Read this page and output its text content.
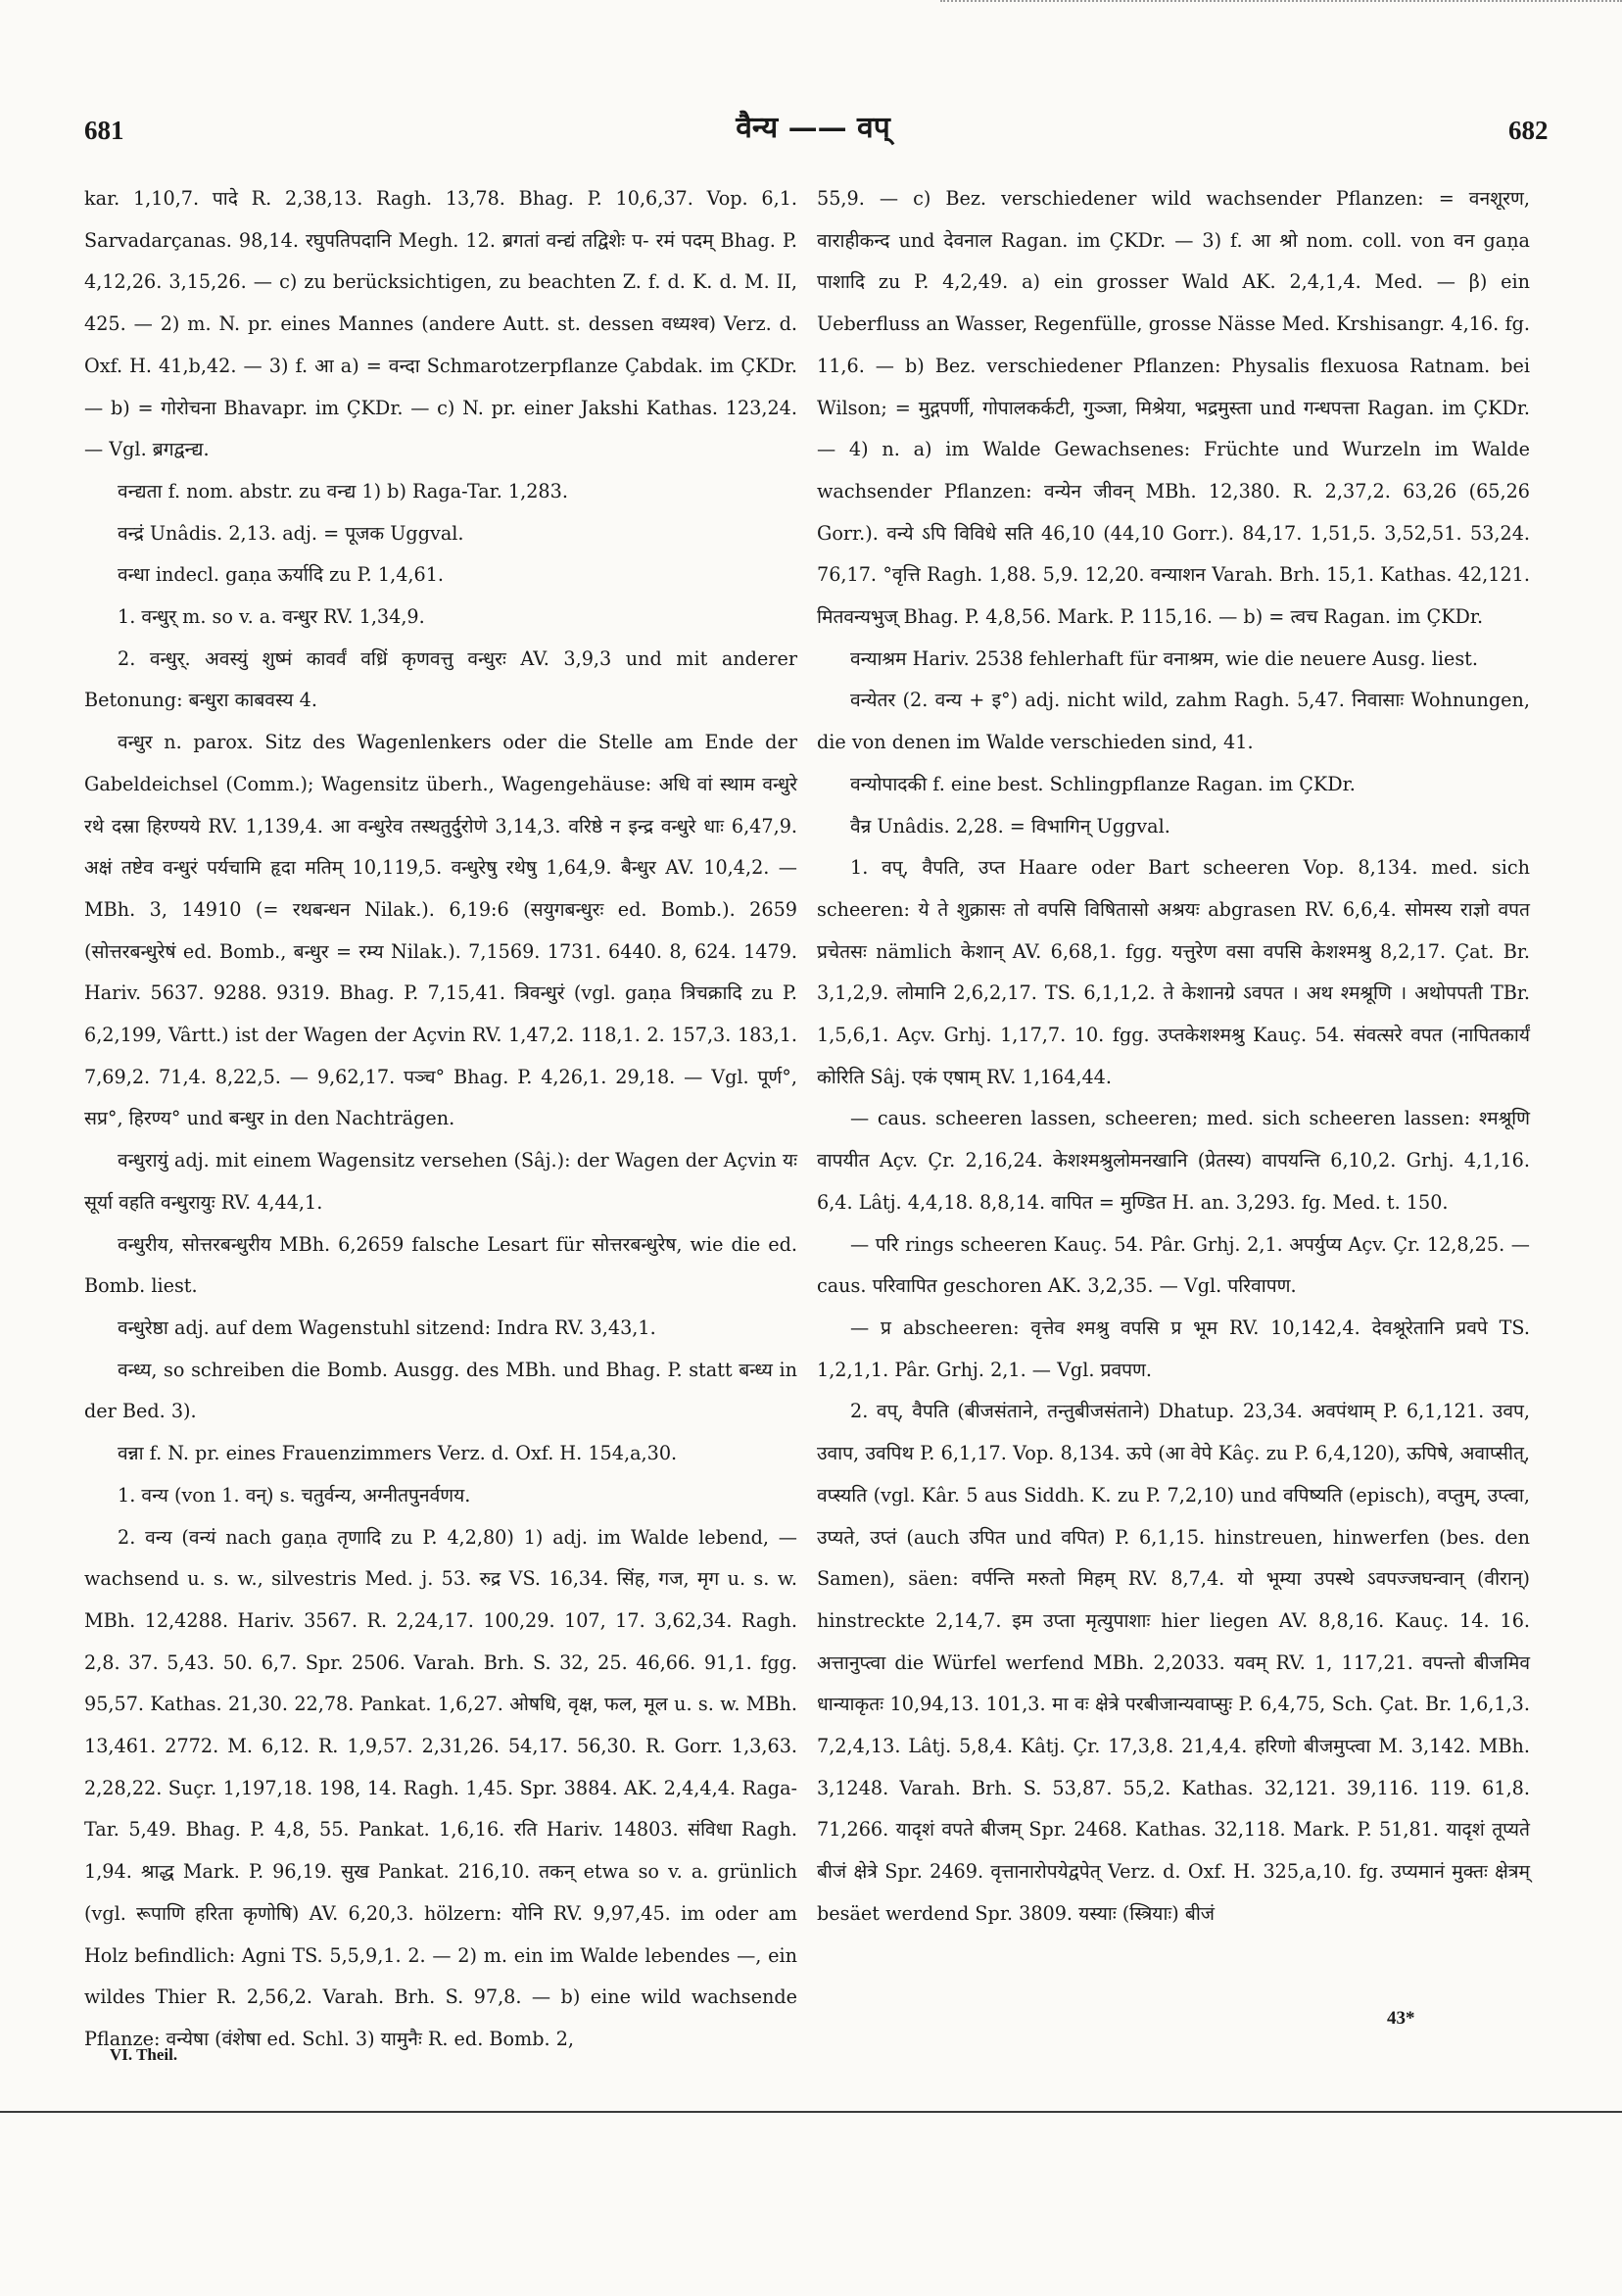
681	वैन्य —— वप्	682

kar. 1,10,7. पादे R. 2,38,13. Ragh. 13,78. Bhag. P. 10,6,37. Vop. 6,1. Sarvadarçanas. 98,14. रघुपतिपदानि Megh. 12. ब्रगतां वन्द्यं तद्विशेः प- रमं पदम् Bhag. P. 4,12,26. 3,15,26. — c) zu berücksichtigen, zu beachten Z. f. d. K. d. M. II, 425. — 2) m. N. pr. eines Mannes (andere Autt. st. dessen वध्यश्व) Verz. d. Oxf. H. 41,b,42. — 3) f. आ a) = वन्दा Schmarotzerpflanze Çabdak. im ÇKDr. — b) = गोरोचना Bhavapr. im ÇKDr. — c) N. pr. einer Jakshi Kathas. 123,24. — Vgl. ब्रगद्वन्द्य.

वन्द्यता f. nom. abstr. zu वन्द्य 1) b) Raga-Tar. 1,283.

वन्द्रं Unâdis. 2,13. adj. = पूजक Uggval.

वन्धा indecl. gaṇa ऊर्यादि zu P. 1,4,61.

1. वन्धुर् m. so v. a. वन्धुर RV. 1,34,9.

2. वन्धुर्. अवस्युं शुष्मं कावर्वं वध्रिं कृणवत्तु वन्धुरः AV. 3,9,3 und mit anderer Betonung: बन्धुरा काबवस्य 4.

वन्धुर n. parox. Sitz des Wagenlenkers oder die Stelle am Ende der Gabeldeichsel (Comm.); Wagensitz überh., Wagengehäuse: अधि वां स्थाम वन्धुरे रथे दस्रा हिरण्यये RV. 1,139,4. आ वन्धुरेव तस्थतुर्दुरोणे 3,14,3. वरिष्ठे न इन्द्र वन्धुरे धाः 6,47,9. अक्षं तष्टेव वन्धुरं पर्यचामि हृदा मतिम् 10,119,5. वन्धुरेषु रथेषु 1,64,9. बैन्धुर AV. 10,4,2. — MBh. 3, 14910 (= रथबन्धन Nilak.). 6,19:6 (सयुगबन्धुरः ed. Bomb.). 2659 (सोत्तरबन्धुरेषं ed. Bomb., बन्धुर = रम्य Nilak.). 7,1569. 1731. 6440. 8, 624. 1479. Hariv. 5637. 9288. 9319. Bhag. P. 7,15,41. त्रिवन्धुरं (vgl. gaṇa त्रिचक्रादि zu P. 6,2,199, Vârtt.) ist der Wagen der Açvin RV. 1,47,2. 118,1. 2. 157,3. 183,1. 7,69,2. 71,4. 8,22,5. — 9,62,17. पञ्च° Bhag. P. 4,26,1. 29,18. — Vgl. पूर्ण°, सप्र°, हिरण्य° und बन्धुर in den Nachträgen.

वन्धुरायुं adj. mit einem Wagensitz versehen (Sâj.): der Wagen der Açvin यः सूर्या वहति वन्धुरायुः RV. 4,44,1.

वन्धुरीय, सोत्तरबन्धुरीय MBh. 6,2659 falsche Lesart für सोत्तरबन्धुरेष, wie die ed. Bomb. liest.

वन्धुरेष्ठा adj. auf dem Wagenstuhl sitzend: Indra RV. 3,43,1.

वन्ध्य, so schreiben die Bomb. Ausgg. des MBh. und Bhag. P. statt बन्ध्य in der Bed. 3).

वन्ना f. N. pr. eines Frauenzimmers Verz. d. Oxf. H. 154,a,30.

1. वन्य (von 1. वन्) s. चतुर्वन्य, अग्नीतपुनर्वणय.

2. वन्य (वन्यं nach gaṇa तृणादि zu P. 4,2,80) 1) adj. im Walde lebend, — wachsend u. s. w., silvestris Med. j. 53. रुद्र VS. 16,34. सिंह, गज, मृग u. s. w. MBh. 12,4288. Hariv. 3567. R. 2,24,17. 100,29. 107, 17. 3,62,34. Ragh. 2,8. 37. 5,43. 50. 6,7. Spr. 2506. Varah. Brh. S. 32, 25. 46,66. 91,1. fgg. 95,57. Kathas. 21,30. 22,78. Pankat. 1,6,27. ओषधि, वृक्ष, फल, मूल u. s. w. MBh. 13,461. 2772. M. 6,12. R. 1,9,57. 2,31,26. 54,17. 56,30. R. Gorr. 1,3,63. 2,28,22. Suçr. 1,197,18. 198, 14. Ragh. 1,45. Spr. 3884. AK. 2,4,4,4. Raga-Tar. 5,49. Bhag. P. 4,8, 55. Pankat. 1,6,16. रति Hariv. 14803. संविधा Ragh. 1,94. श्राद्ध Mark. P. 96,19. सुख Pankat. 216,10. तकन् etwa so v. a. grünlich (vgl. रूपाणि हरिता कृणोषि) AV. 6,20,3. hölzern: योनि RV. 9,97,45. im oder am Holz befindlich: Agni TS. 5,5,9,1. 2. — 2) m. ein im Walde lebendes —, ein wildes Thier R. 2,56,2. Varah. Brh. S. 97,8. — b) eine wild wachsende Pflanze: वन्येषा (वंशेषा ed. Schl. 3) यामुनैः R. ed. Bomb. 2,

55,9. — c) Bez. verschiedener wild wachsender Pflanzen: = वनशूरण, वाराहीकन्द und देवनाल Ragan. im ÇKDr. — 3) f. आ श्रो nom. coll. von वन gaṇa पाशादि zu P. 4,2,49. a) ein grosser Wald AK. 2,4,1,4. Med. — β) ein Ueberfluss an Wasser, Regenfülle, grosse Nässe Med. Krshisangr. 4,16. fg. 11,6. — b) Bez. verschiedener Pflanzen: Physalis flexuosa Ratnam. bei Wilson; = मुद्गपर्णी, गोपालकर्कटी, गुञ्जा, मिश्रेया, भद्रमुस्ता und गन्धपत्ता Ragan. im ÇKDr. — 4) n. a) im Walde Gewachsenes: Früchte und Wurzeln im Walde wachsender Pflanzen: वन्येन जीवन् MBh. 12,380. R. 2,37,2. 63,26 (65,26 Gorr.). वन्ये ऽपि विविधे सति 46,10 (44,10 Gorr.). 84,17. 1,51,5. 3,52,51. 53,24. 76,17. °वृत्ति Ragh. 1,88. 5,9. 12,20. वन्याशन Varah. Brh. 15,1. Kathas. 42,121. मितवन्यभुज् Bhag. P. 4,8,56. Mark. P. 115,16. — b) = त्वच Ragan. im ÇKDr.

वन्याश्रम Hariv. 2538 fehlerhaft für वनाश्रम, wie die neuere Ausg. liest.

वन्येतर (2. वन्य + इ°) adj. nicht wild, zahm Ragh. 5,47. निवासाः Wohnungen, die von denen im Walde verschieden sind, 41.

वन्योपादकी f. eine best. Schlingpflanze Ragan. im ÇKDr.

वैन्र Unâdis. 2,28. = विभागिन् Uggval.

1. वप्, वैपति, उप्त Haare oder Bart scheeren Vop. 8,134. med. sich scheeren: ये ते शुक्रासः तो वपसि विषितासो अश्रयः abgrasen RV. 6,6,4. सोमस्य राज्ञो वपत प्रचेतसः nämlich केशान् AV. 6,68,1. fgg. यत्तुरेण वसा वपसि केशश्मश्रु 8,2,17. Çat. Br. 3,1,2,9. लोमानि 2,6,2,17. TS. 6,1,1,2. ते केशानग्रे ऽवपत । अथ श्मश्रूणि । अथोपपती TBr. 1,5,6,1. Açv. Grhj. 1,17,7. 10. fgg. उप्तकेशश्मश्रु Kauç. 54. संवत्सरे वपत (नापितकार्यं कोरिति Sâj. एकं एषाम् RV. 1,164,44.

— caus. scheeren lassen, scheeren; med. sich scheeren lassen: श्मश्रूणि वापयीत Açv. Çr. 2,16,24. केशश्मश्रुलोमनखानि (प्रेतस्य) वापयन्ति 6,10,2. Grhj. 4,1,16. 6,4. Lâtj. 4,4,18. 8,8,14. वापित = मुण्डित H. an. 3,293. fg. Med. t. 150.

— परि rings scheeren Kauç. 54. Pâr. Grhj. 2,1. अपर्युप्य Açv. Çr. 12,8,25. — caus. परिवापित geschoren AK. 3,2,35. — Vgl. परिवापण.

— प्र abscheeren: वृत्तेव श्मश्रु वपसि प्र भूम RV. 10,142,4. देवश्रूरेतानि प्रवपे TS. 1,2,1,1. Pâr. Grhj. 2,1. — Vgl. प्रवपण.

2. वप्, वैपति (बीजसंताने, तन्तुबीजसंताने) Dhatup. 23,34. अवपंथाम् P. 6,1,121. उवप, उवाप, उवपिथ P. 6,1,17. Vop. 8,134. ऊपे (आ वेपे Kâç. zu P. 6,4,120), ऊपिषे, अवाप्सीत्, वप्स्यति (vgl. Kâr. 5 aus Siddh. K. zu P. 7,2,10) und वपिष्यति (episch), वप्तुम्, उप्त्वा, उप्यते, उप्तं (auch उपित und वपित) P. 6,1,15. hinstreuen, hinwerfen (bes. den Samen), säen: वर्पन्ति मरुतो मिहम् RV. 8,7,4. यो भूम्या उपस्थे ऽवपज्जघन्वान् (वीरान्) hinstreckte 2,14,7. इम उप्ता मृत्युपाशाः hier liegen AV. 8,8,16. Kauç. 14. 16. अत्तानुप्त्वा die Würfel werfend MBh. 2,2033. यवम् RV. 1, 117,21. वपन्तो बीजमिव धान्याकृतः 10,94,13. 101,3. मा वः क्षेत्रे परबीजान्यवाप्सुः P. 6,4,75, Sch. Çat. Br. 1,6,1,3. 7,2,4,13. Lâtj. 5,8,4. Kâtj. Çr. 17,3,8. 21,4,4. हरिणो बीजमुप्त्वा M. 3,142. MBh. 3,1248. Varah. Brh. S. 53,87. 55,2. Kathas. 32,121. 39,116. 119. 61,8. 71,266. यादृशं वपते बीजम् Spr. 2468. Kathas. 32,118. Mark. P. 51,81. यादृशं तूप्यते बीजं क्षेत्रे Spr. 2469. वृत्तानारोपयेद्वपेत् Verz. d. Oxf. H. 325,a,10. fg. उप्यमानं मुक्तः क्षेत्रम् besäet werdend Spr. 3809. यस्याः (स्त्रियाः) बीजं

VI. Theil.
43*
